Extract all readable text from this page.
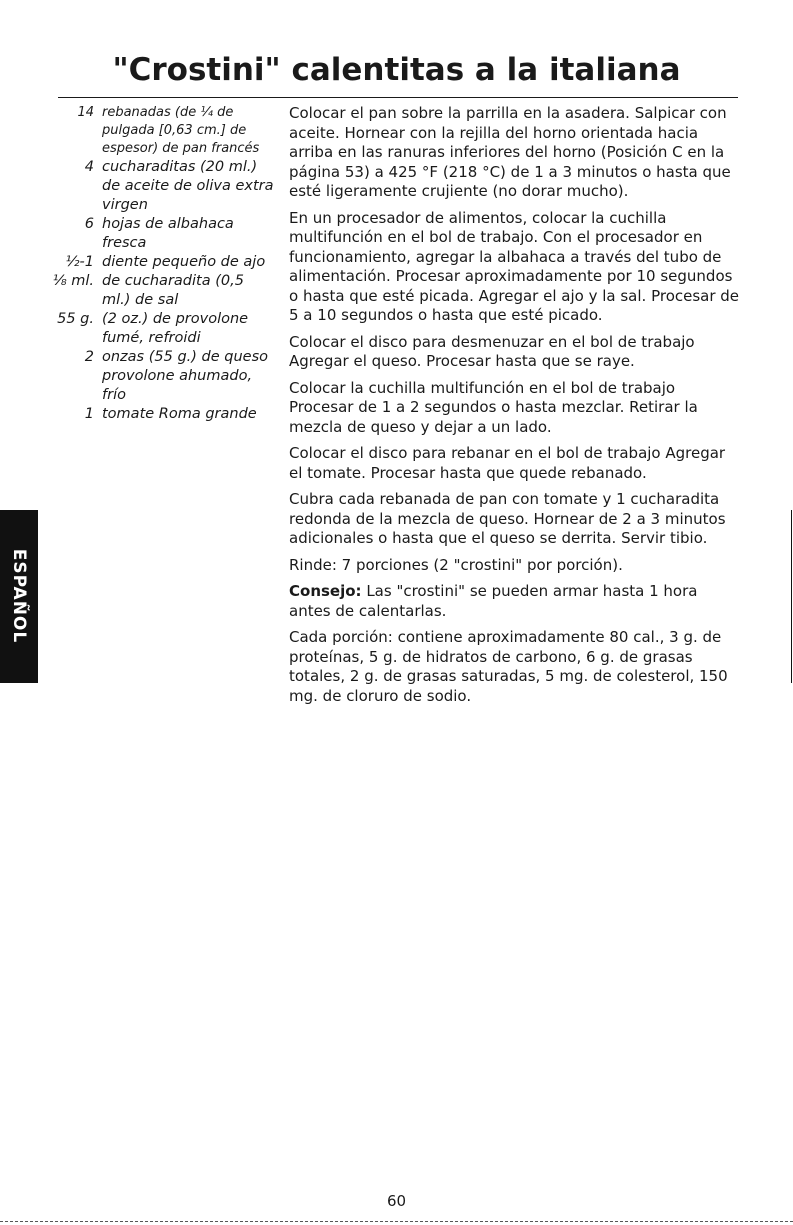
"Crostini" calentitas a la italiana
14 rebanadas (de ¼ de pulgada [0,63 cm.] de espesor) de pan francés
4 cucharaditas (20 ml.) de aceite de oliva extra virgen
6 hojas de albahaca fresca
½-1 diente pequeño de ajo
⅛ ml. de cucharadita (0,5 ml.) de sal
55 g. (2 oz.) de provolone fumé, refroidi
2 onzas (55 g.) de queso provolone ahumado, frío
1 tomate Roma grande

Colocar el pan sobre la parrilla en la asadera. Salpicar con aceite. Hornear con la rejilla del horno orientada hacia arriba en las ranuras inferiores del horno (Posición C en la página 53) a 425 °F (218 °C) de 1 a 3 minutos o hasta que esté ligeramente crujiente (no dorar mucho).

En un procesador de alimentos, colocar la cuchilla multifunción en el bol de trabajo. Con el procesador en funcionamiento, agregar la albahaca a través del tubo de alimentación. Procesar aproximadamente por 10 segundos o hasta que esté picada. Agregar el ajo y la sal. Procesar de 5 a 10 segundos o hasta que esté picado.

Colocar el disco para desmenuzar en el bol de trabajo Agregar el queso. Procesar hasta que se raye.

Colocar la cuchilla multifunción en el bol de trabajo Procesar de 1 a 2 segundos o hasta mezclar. Retirar la mezcla de queso y dejar a un lado.

Colocar el disco para rebanar en el bol de trabajo Agregar el tomate. Procesar hasta que quede rebanado.

Cubra cada rebanada de pan con tomate y 1 cucharadita redonda de la mezcla de queso. Hornear de 2 a 3 minutos adicionales o hasta que el queso se derrita. Servir tibio.

Rinde: 7 porciones (2 "crostini" por porción).

Consejo: Las "crostini" se pueden armar hasta 1 hora antes de calentarlas.

Cada porción: contiene aproximadamente 80 cal., 3 g. de proteínas, 5 g. de hidratos de carbono, 6 g. de grasas totales, 2 g. de grasas saturadas, 5 mg. de colesterol, 150 mg. de cloruro de sodio.

ESPAÑOL
60
